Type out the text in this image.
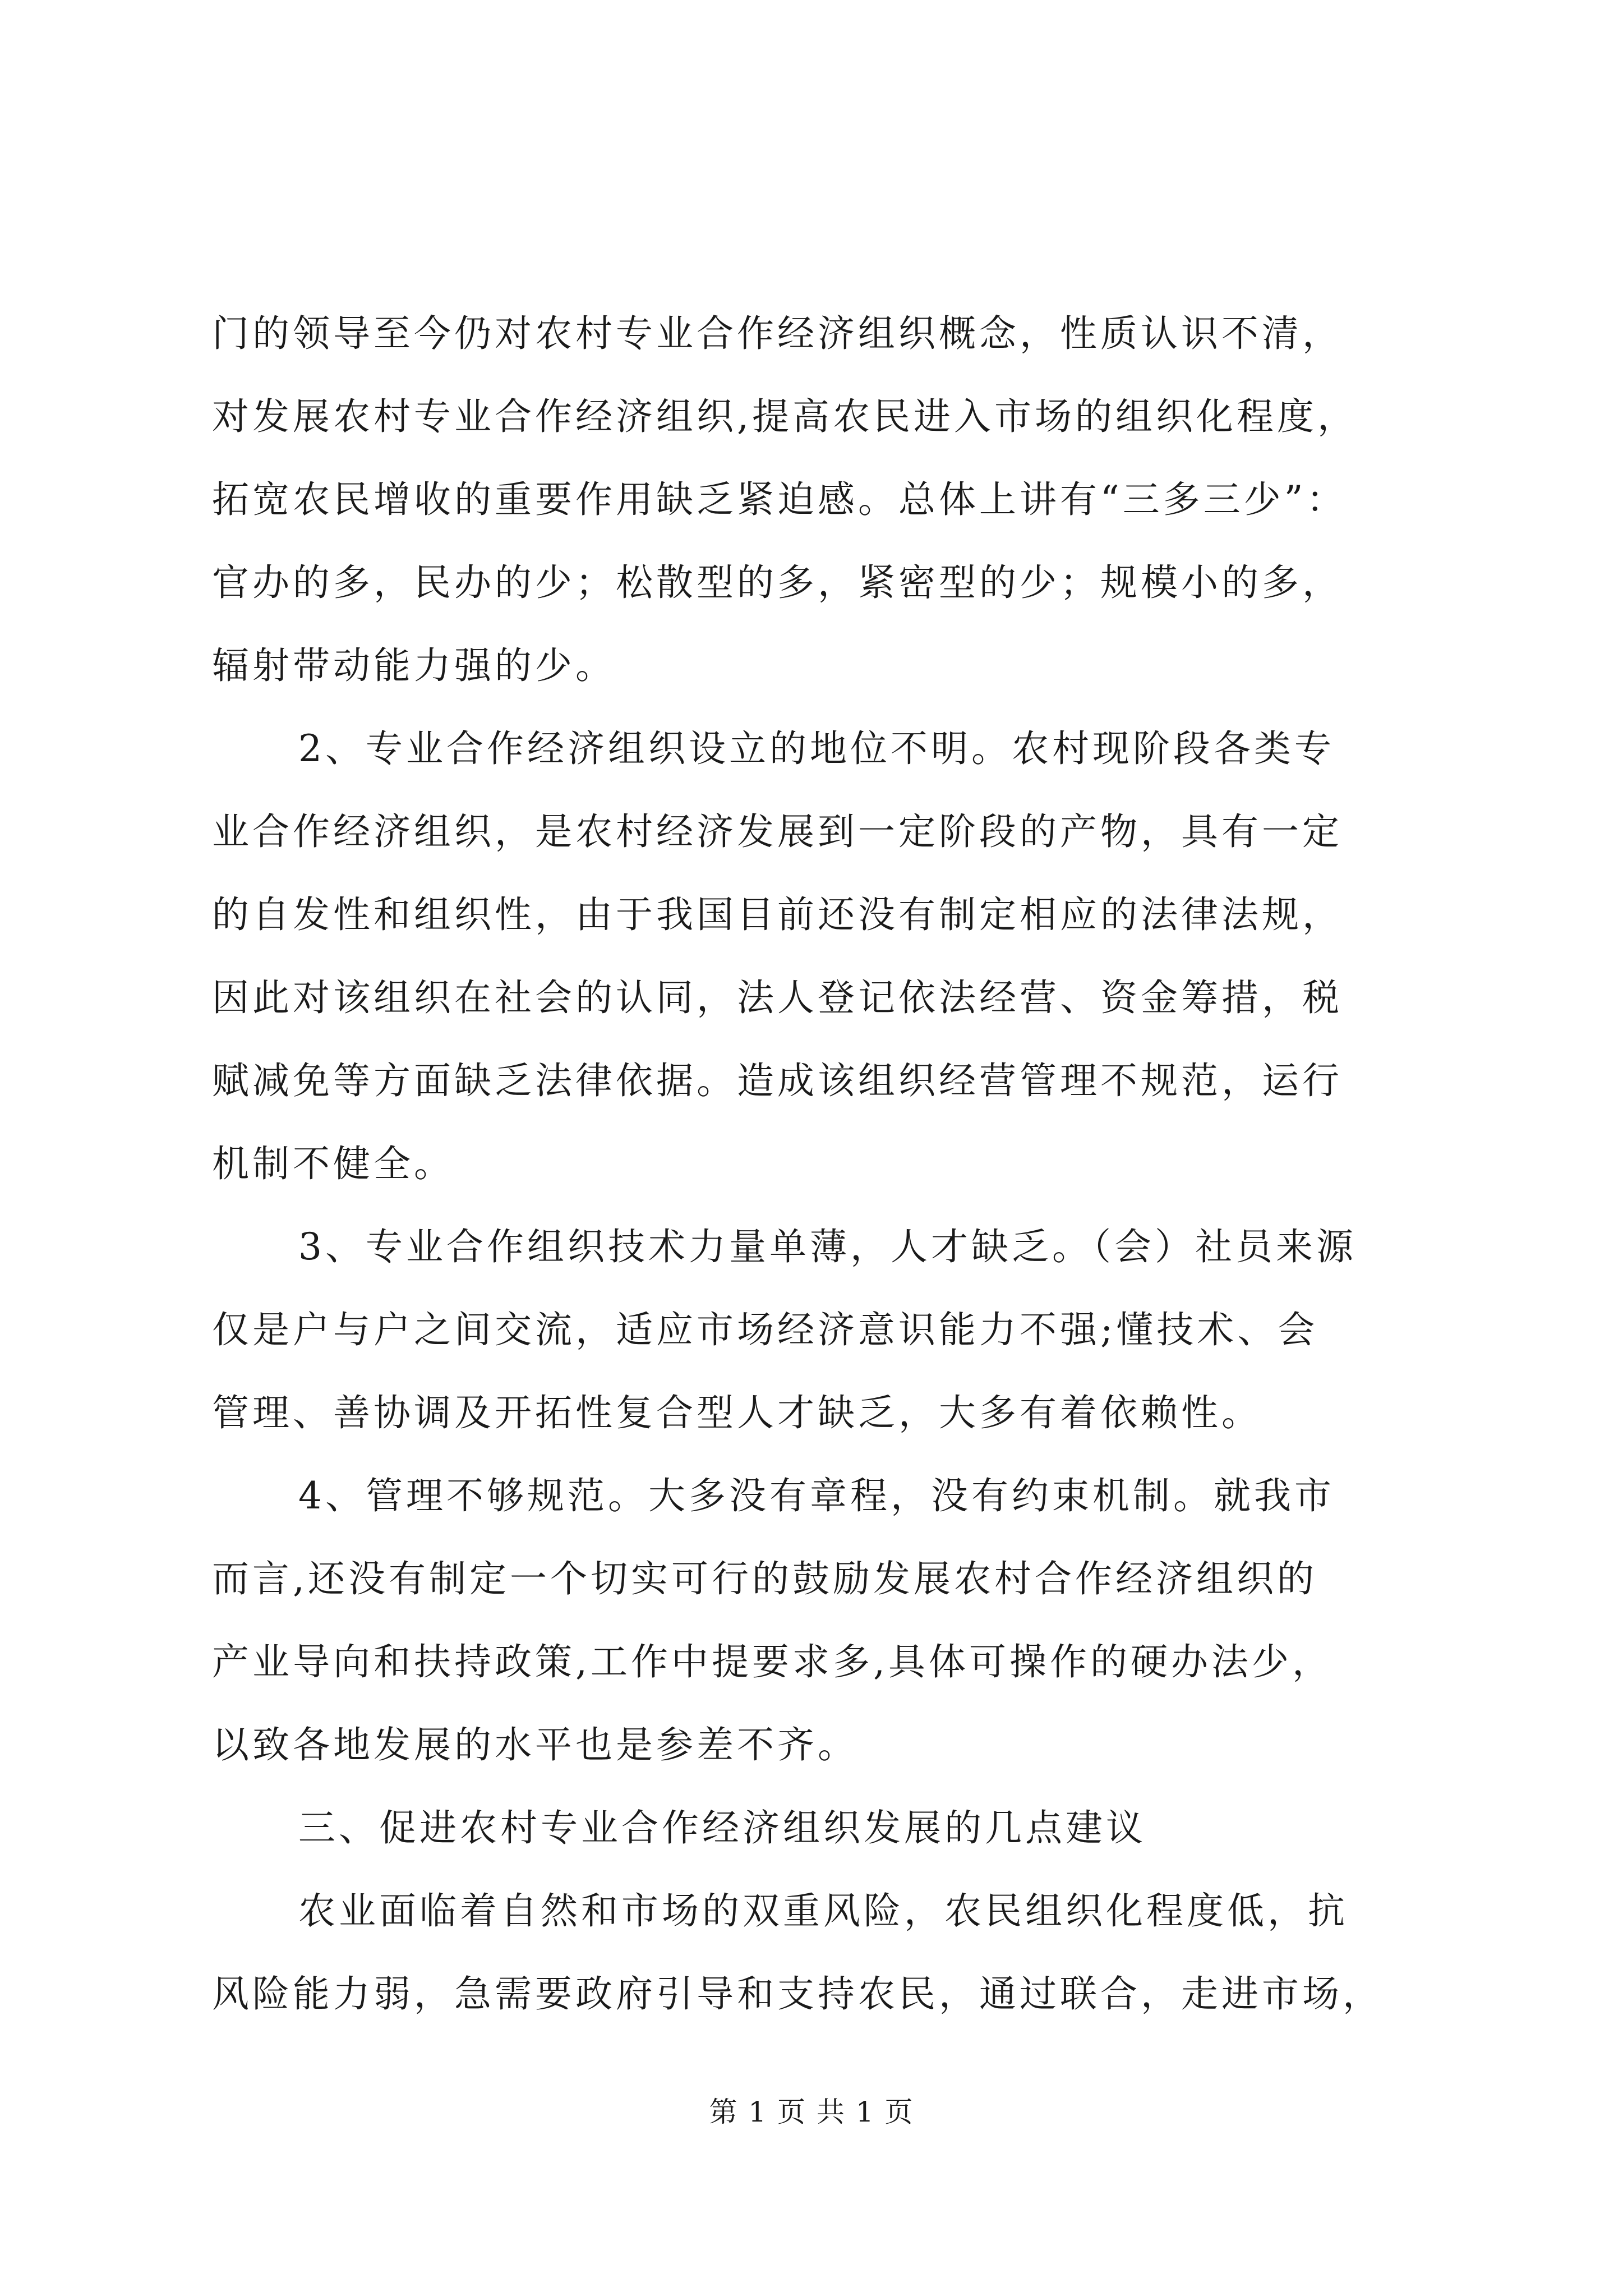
门的领导至今仍对农村专业合作经济组织概念，性质认识不清，
对发展农村专业合作经济组织,提高农民进入市场的组织化程度，
拓宽农民增收的重要作用缺乏紧迫感。总体上讲有“三多三少”：
官办的多，民办的少；松散型的多，紧密型的少；规模小的多，
辐射带动能力强的少。
2、专业合作经济组织设立的地位不明。农村现阶段各类专
业合作经济组织，是农村经济发展到一定阶段的产物，具有一定
的自发性和组织性，由于我国目前还没有制定相应的法律法规，
因此对该组织在社会的认同，法人登记依法经营、资金筹措，税
赋减免等方面缺乏法律依据。造成该组织经营管理不规范，运行
机制不健全。
3、专业合作组织技术力量单薄，人才缺乏。（会）社员来源
仅是户与户之间交流，适应市场经济意识能力不强;懂技术、会
管理、善协调及开拓性复合型人才缺乏，大多有着依赖性。
4、管理不够规范。大多没有章程，没有约束机制。就我市
而言,还没有制定一个切实可行的鼓励发展农村合作经济组织的
产业导向和扶持政策,工作中提要求多,具体可操作的硬办法少，
以致各地发展的水平也是参差不齐。
三、促进农村专业合作经济组织发展的几点建议
农业面临着自然和市场的双重风险，农民组织化程度低，抗
风险能力弱，急需要政府引导和支持农民，通过联合，走进市场，
第 1 页 共 1 页
